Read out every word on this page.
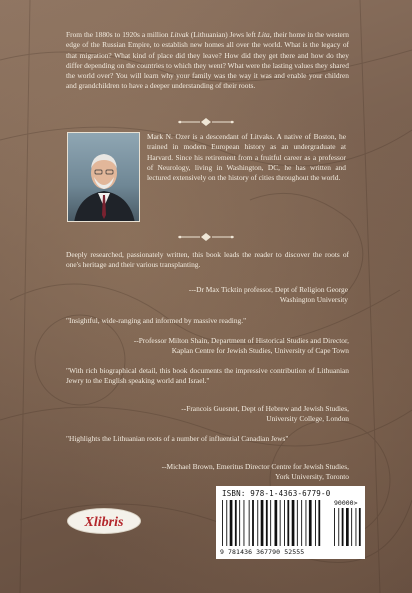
From the 1880s to 1920s a million Litvak (Lithuanian) Jews left Lita, their home in the western edge of the Russian Empire, to establish new homes all over the world. What is the legacy of that migration? What kind of place did they leave? How did they get there and how do they differ depending on the countries to which they went? What were the lasting values they shared the world over? You will learn why your family was the way it was and enable your children and grandchildren to have a deeper understanding of their roots.

Mark N. Ozer is a descendant of Litvaks. A native of Boston, he trained in modern European history as an undergraduate at Harvard. Since his retirement from a fruitful career as a professor of Neurology, living in Washington, DC, he has written and lectured extensively on the history of cities throughout the world.

Deeply researched, passionately written, this book leads the reader to discover the roots of one's heritage and their various transplanting.

---Dr Max Ticktin professor, Dept of Religion George

Washington University

"Insightful, wide-ranging and informed by massive reading."

--Professor Milton Shain, Department of Historical Studies and Director,

Kaplan Centre for Jewish Studies, University of Cape Town

"With rich biographical detail, this book documents the impressive contribution of Lithuanian Jewry to the English speaking world and Israel."

--Francois Guesnet, Dept of Hebrew and Jewish Studies,

University College, London

"Highlights the Lithuanian roots of a number of influential Canadian Jews"

--Michael Brown, Emeritus Director Centre for Jewish Studies,

York University, Toronto

Xlibris
ISBN: 978-1-4363-6779-0
90000>
9 781436 367790 52555
